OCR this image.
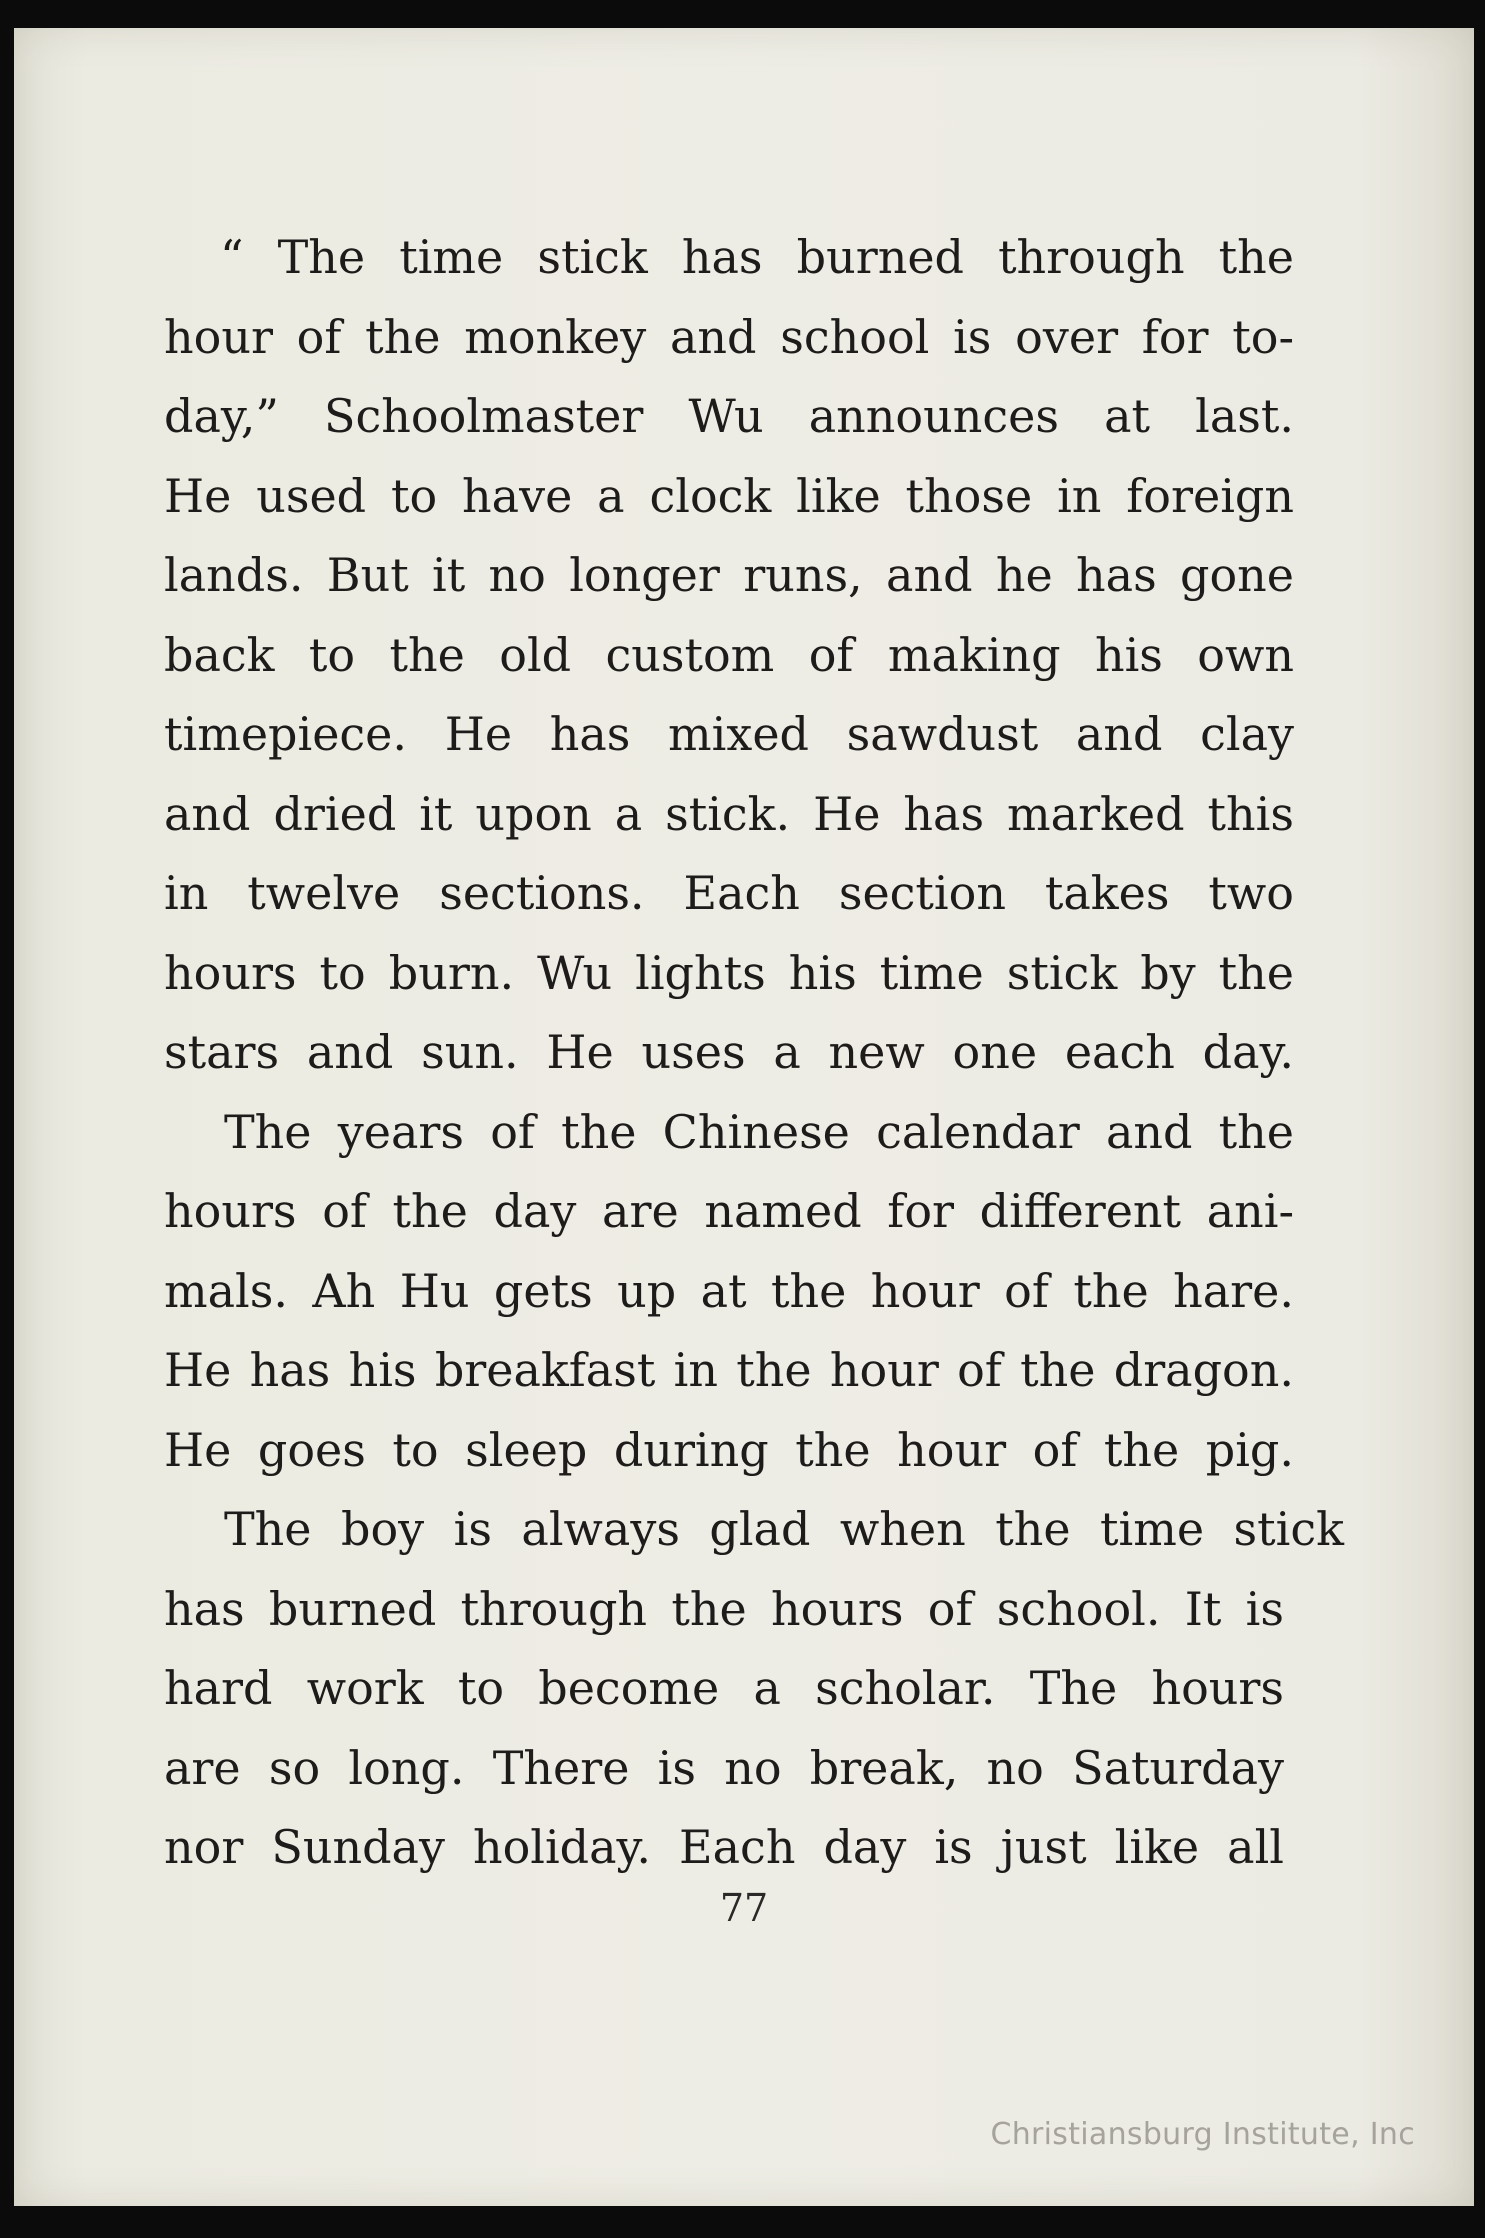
“ The time stick has burned through the
hour of the monkey and school is over for to-
day,” Schoolmaster Wu announces at last.
He used to have a clock like those in foreign
lands. But it no longer runs, and he has gone
back to the old custom of making his own
timepiece. He has mixed sawdust and clay
and dried it upon a stick. He has marked this
in twelve sections. Each section takes two
hours to burn. Wu lights his time stick by the
stars and sun. He uses a new one each day.
The years of the Chinese calendar and the
hours of the day are named for different ani-
mals. Ah Hu gets up at the hour of the hare.
He has his breakfast in the hour of the dragon.
He goes to sleep during the hour of the pig.
The boy is always glad when the time stick
has burned through the hours of school. It is
hard work to become a scholar. The hours
are so long. There is no break, no Saturday
nor Sunday holiday. Each day is just like all
77
Christiansburg Institute, Inc
